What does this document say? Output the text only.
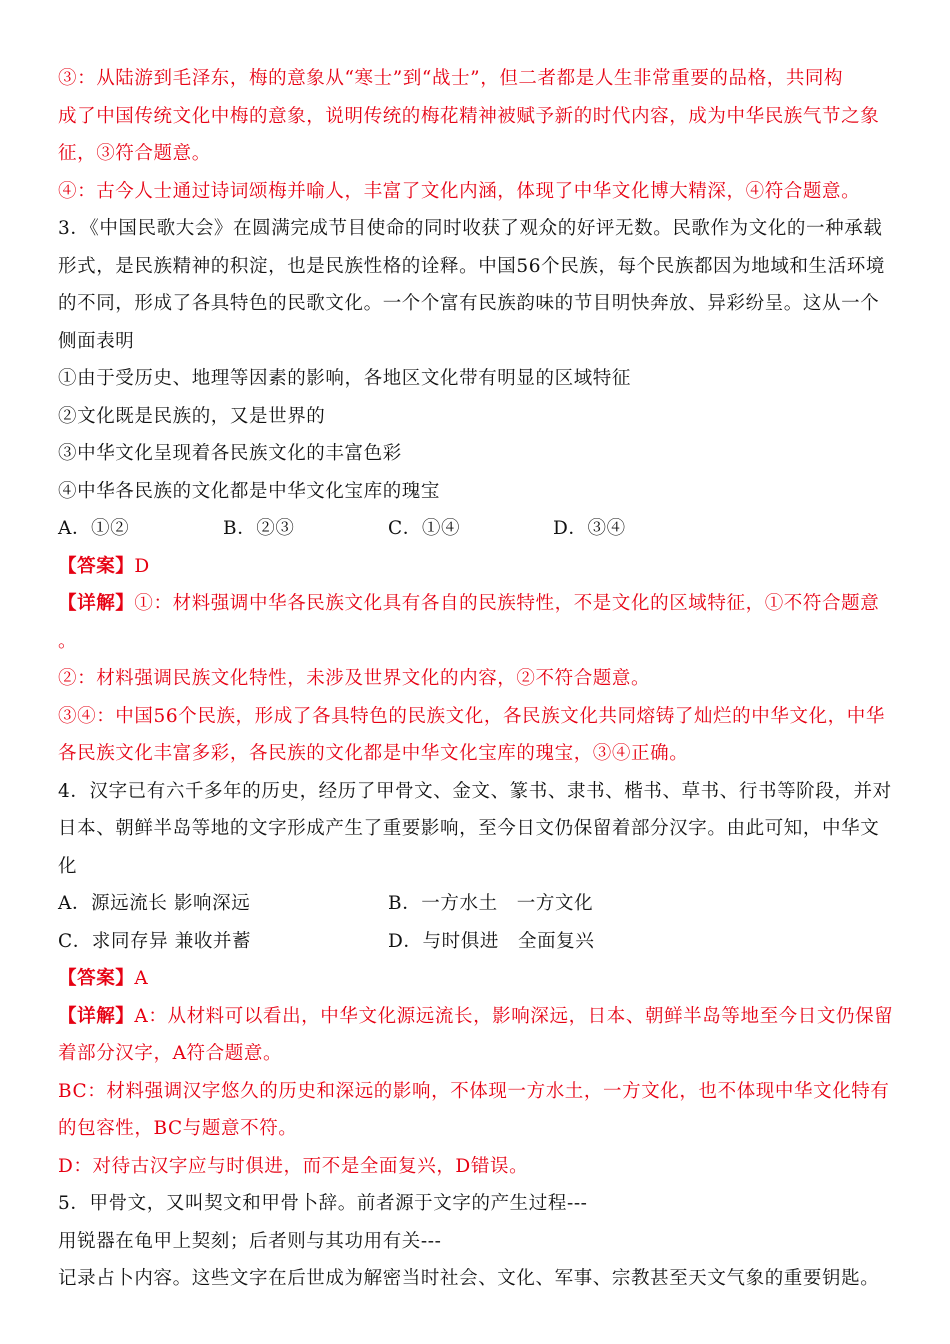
③：从陆游到毛泽东，梅的意象从“寒士”到“战士”，但二者都是人生非常重要的品格，共同构
成了中国传统文化中梅的意象，说明传统的梅花精神被赋予新的时代内容，成为中华民族气节之象
征，③符合题意。
④：古今人士通过诗词颂梅并喻人，丰富了文化内涵，体现了中华文化博大精深，④符合题意。
3．《中国民歌大会》在圆满完成节目使命的同时收获了观众的好评无数。民歌作为文化的一种承载
形式，是民族精神的积淀，也是民族性格的诠释。中国56个民族，每个民族都因为地域和生活环境
的不同，形成了各具特色的民歌文化。一个个富有民族韵味的节目明快奔放、异彩纷呈。这从一个
侧面表明
①由于受历史、地理等因素的影响，各地区文化带有明显的区域特征
②文化既是民族的，又是世界的
③中华文化呈现着各民族文化的丰富色彩
④中华各民族的文化都是中华文化宝库的瑰宝
A．①②	B．②③	C．①④	D．③④
【答案】D
【详解】①：材料强调中华各民族文化具有各自的民族特性，不是文化的区域特征，①不符合题意
。
②：材料强调民族文化特性，未涉及世界文化的内容，②不符合题意。
③④：中国56个民族，形成了各具特色的民族文化，各民族文化共同熔铸了灿烂的中华文化，中华
各民族文化丰富多彩，各民族的文化都是中华文化宝库的瑰宝，③④正确。
4．汉字已有六千多年的历史，经历了甲骨文、金文、篆书、隶书、楷书、草书、行书等阶段，并对
日本、朝鲜半岛等地的文字形成产生了重要影响，至今日文仍保留着部分汉字。由此可知，中华文
化
A．源远流长 影响深远	B．一方水土　一方文化
C．求同存异 兼收并蓄	D．与时俱进　全面复兴
【答案】A
【详解】A：从材料可以看出，中华文化源远流长，影响深远，日本、朝鲜半岛等地至今日文仍保留
着部分汉字，A符合题意。
BC：材料强调汉字悠久的历史和深远的影响，不体现一方水土，一方文化，也不体现中华文化特有
的包容性，BC与题意不符。
D：对待古汉字应与时俱进，而不是全面复兴，D错误。
5．甲骨文，又叫契文和甲骨卜辞。前者源于文字的产生过程---
用锐器在龟甲上契刻；后者则与其功用有关---
记录占卜内容。这些文字在后世成为解密当时社会、文化、军事、宗教甚至天文气象的重要钥匙。
